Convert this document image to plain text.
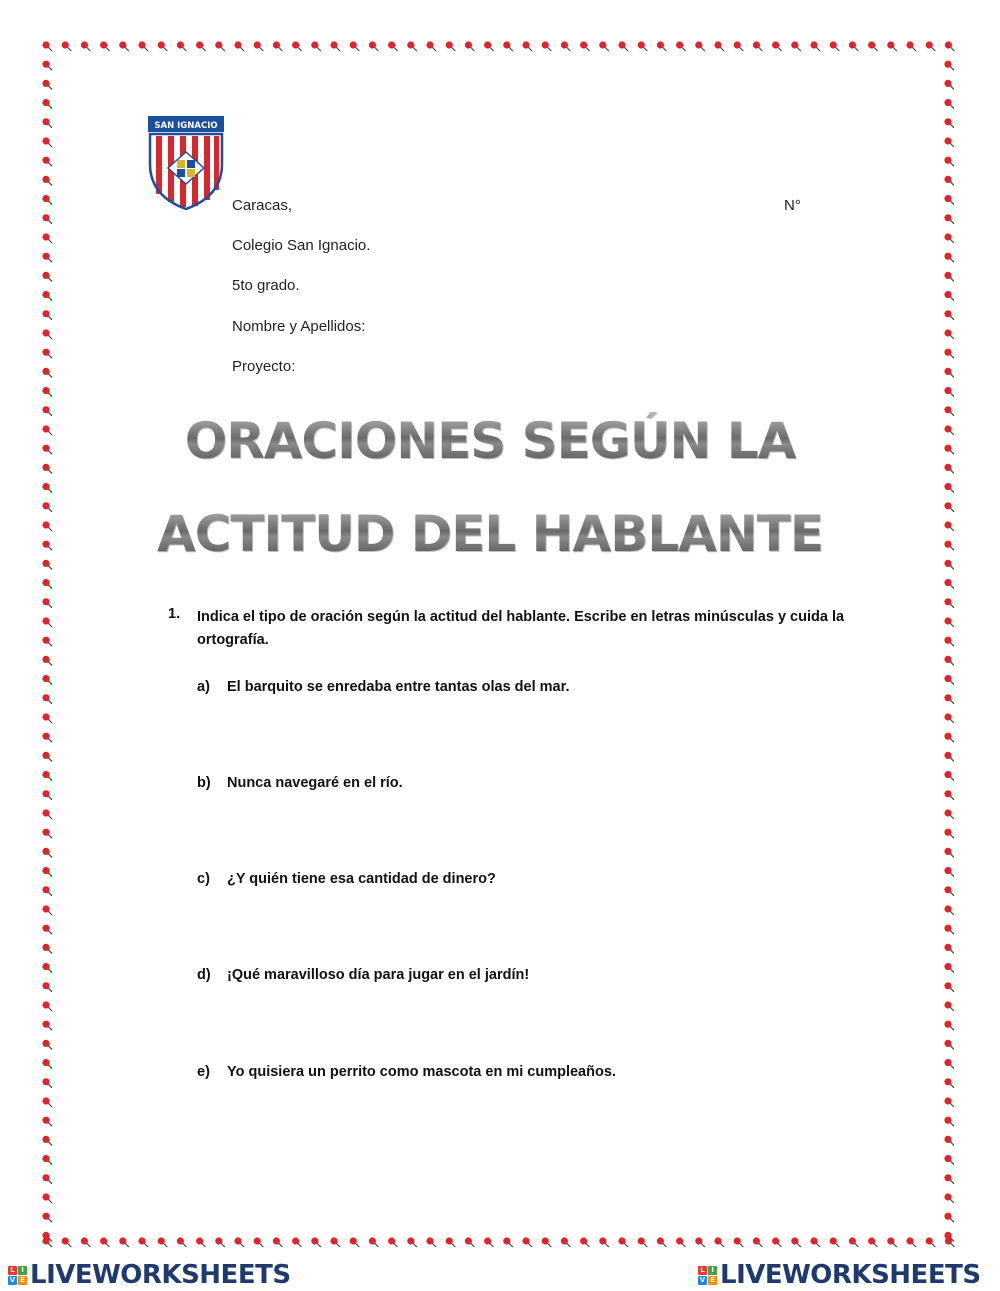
SAN IGNACIO
Caracas,	N°
Colegio San Ignacio.
5to grado.
Nombre y Apellidos:
Proyecto:
ORACIONES SEGÚN LA
ACTITUD DEL HABLANTE
1. Indica el tipo de oración según la actitud del hablante. Escribe en letras minúsculas y cuida la ortografía.
a) El barquito se enredaba entre tantas olas del mar.
b) Nunca navegaré en el río.
c) ¿Y quién tiene esa cantidad de dinero?
d) ¡Qué maravilloso día para jugar en el jardín!
e) Yo quisiera un perrito como mascota en mi cumpleaños.
L I
V E LIVEWORKSHEETS	L I
V E LIVEWORKSHEETS
